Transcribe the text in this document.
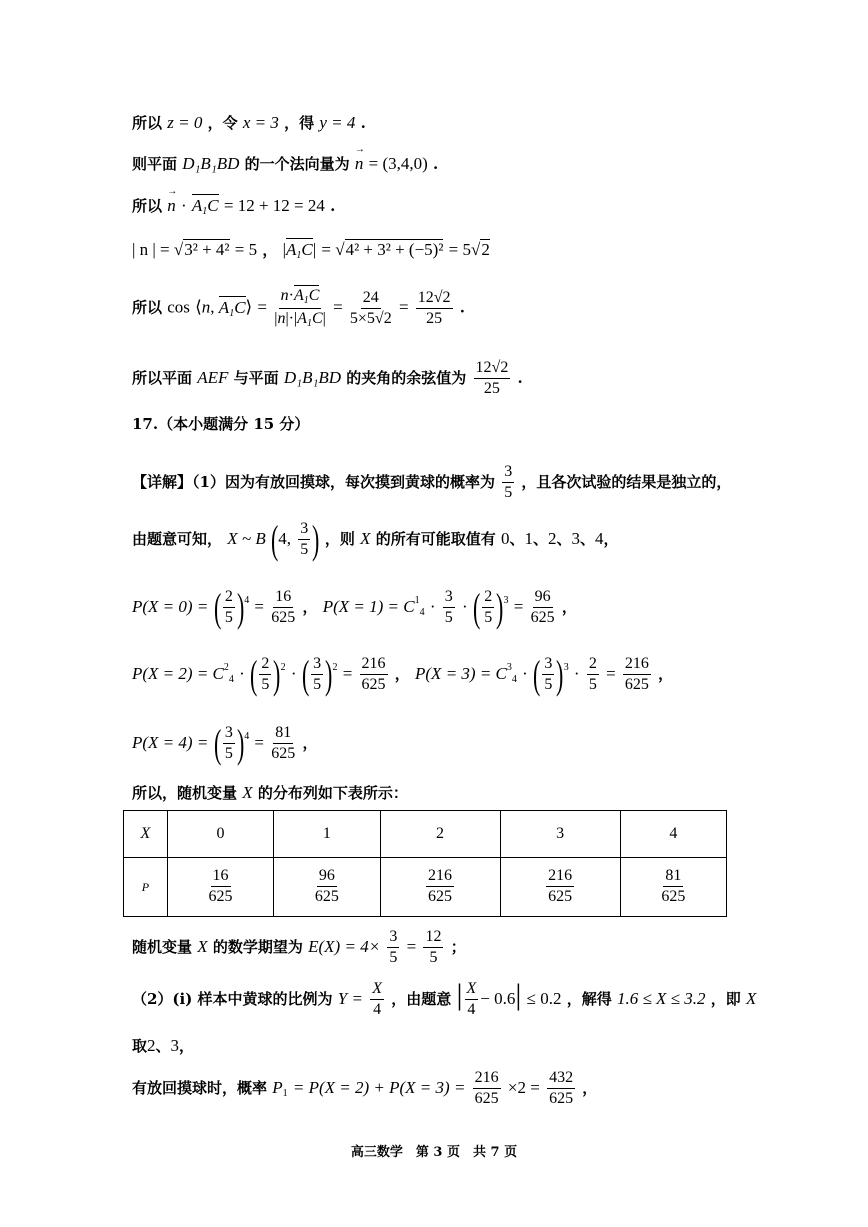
所以 z = 0 ，令 x = 3 ，得 y = 4 .
则平面 D₁B₁BD 的一个法向量为 → n = (3,4,0) .
所以 → $n \cdot A_1C = 12 + 12 = 24$ .
| n | = √3² + 4² = 5 ， $|A_1C| = √4^2 + 3^2 + (-5)^2 = 5√2$
所以 cos ⟨n, $A_1C⟩ = \frac{n\cdot A_1C}{|n|\cdot|A_1C|} = \frac{24}{5\times 5√2} = \frac{12√2}{25}$ .
所以平面 AEF 与平面 D₁B₁BD 的夹角的余弦值为 $\frac{12√2}{25}$ .
17.（本小题满分 15 分）
【详解】（1）因为有放回摸球，每次摸到黄球的概率为 $\frac{3}{5}$ ，且各次试验的结果是独立的，
由题意可知， X ~ B (4, $\frac{3}{5}$ ) ，则 X 的所有可能取值有 0、1、2、3、4，
P(X = 0) = ( $\frac{2}{5} )^4 = \frac{16}{625}$ ， $P(X = 1) = C^1_4 \cdot \frac{3}{5}$ · ( $\frac{2}{5} )^3 = \frac{96}{625}$ ，
$P(X = 2) = C^2_4$ · ( $\frac{2}{5} )^2$ · ( $\frac{3}{5} )^2 = \frac{216}{625}$ ， $P(X = 3) = C^3_4$ · ( $\frac{3}{5} )^3 \cdot \frac{2}{5} = \frac{216}{625}$ ，
P(X = 4) = ( $\frac{3}{5} )^4 = \frac{81}{625}$ ，
所以，随机变量 X 的分布列如下表所示：
X	0	1	2	3	4
P	$\frac{16}{625}$	$\frac{96}{625}$	$\frac{216}{625}$	$\frac{216}{625}$	$\frac{81}{625}$
随机变量 X 的数学期望为 $E(X) = 4\times \frac{3}{5} = \frac{12}{5}$ ；
（2）(i) 样本中黄球的比例为 $Y = \frac{X}{4}$ ，由题意 | $\frac{X}{4} - 0.6| \le 0.2$ ，解得 1.6 ≤ X ≤ 3.2 ，即 X
取2、3，
有放回摸球时，概率 $P_1 = P(X = 2) + P(X = 3) = \frac{216}{625} \times 2 = \frac{432}{625}$ ，
高三数学　第 3 页　共 7 页
